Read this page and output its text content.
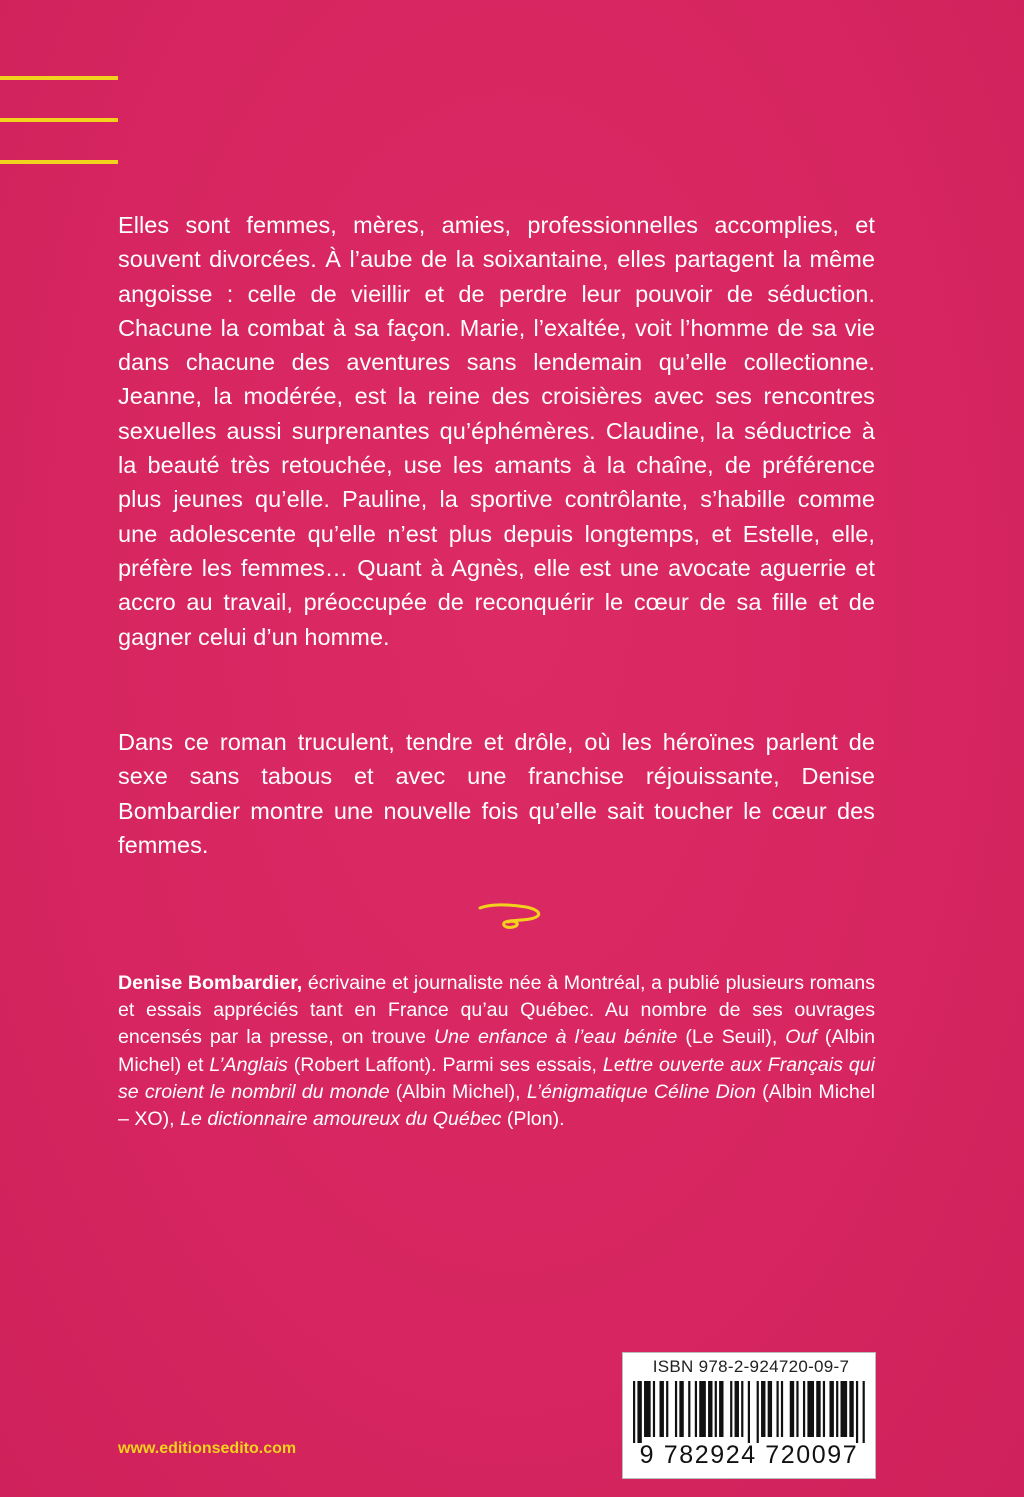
Elles sont femmes, mères, amies, professionnelles accomplies, et souvent divorcées. À l’aube de la soixantaine, elles partagent la même angoisse : celle de vieillir et de perdre leur pouvoir de séduction. Chacune la combat à sa façon. Marie, l’exaltée, voit l’homme de sa vie dans chacune des aventures sans lendemain qu’elle collectionne. Jeanne, la modérée, est la reine des croisières avec ses rencontres sexuelles aussi surprenantes qu’éphémères. Claudine, la séductrice à la beauté très retouchée, use les amants à la chaîne, de préférence plus jeunes qu’elle. Pauline, la sportive contrôlante, s’habille comme une adolescente qu’elle n’est plus depuis longtemps, et Estelle, elle, préfère les femmes… Quant à Agnès, elle est une avocate aguerrie et accro au travail, préoccupée de reconquérir le cœur de sa fille et de gagner celui d’un homme.

Dans ce roman truculent, tendre et drôle, où les héroïnes parlent de sexe sans tabous et avec une franchise réjouissante, Denise Bombardier montre une nouvelle fois qu’elle sait toucher le cœur des femmes.

Denise Bombardier, écrivaine et journaliste née à Montréal, a publié plusieurs romans et essais appréciés tant en France qu’au Québec. Au nombre de ses ouvrages encensés par la presse, on trouve Une enfance à l’eau bénite (Le Seuil), Ouf (Albin Michel) et L’Anglais (Robert Laffont). Parmi ses essais, Lettre ouverte aux Français qui se croient le nombril du monde (Albin Michel), L’énigmatique Céline Dion (Albin Michel – XO), Le dictionnaire amoureux du Québec (Plon).

www.editionsedito.com
ISBN 978-2-924720-09-7
9 782924 720097
